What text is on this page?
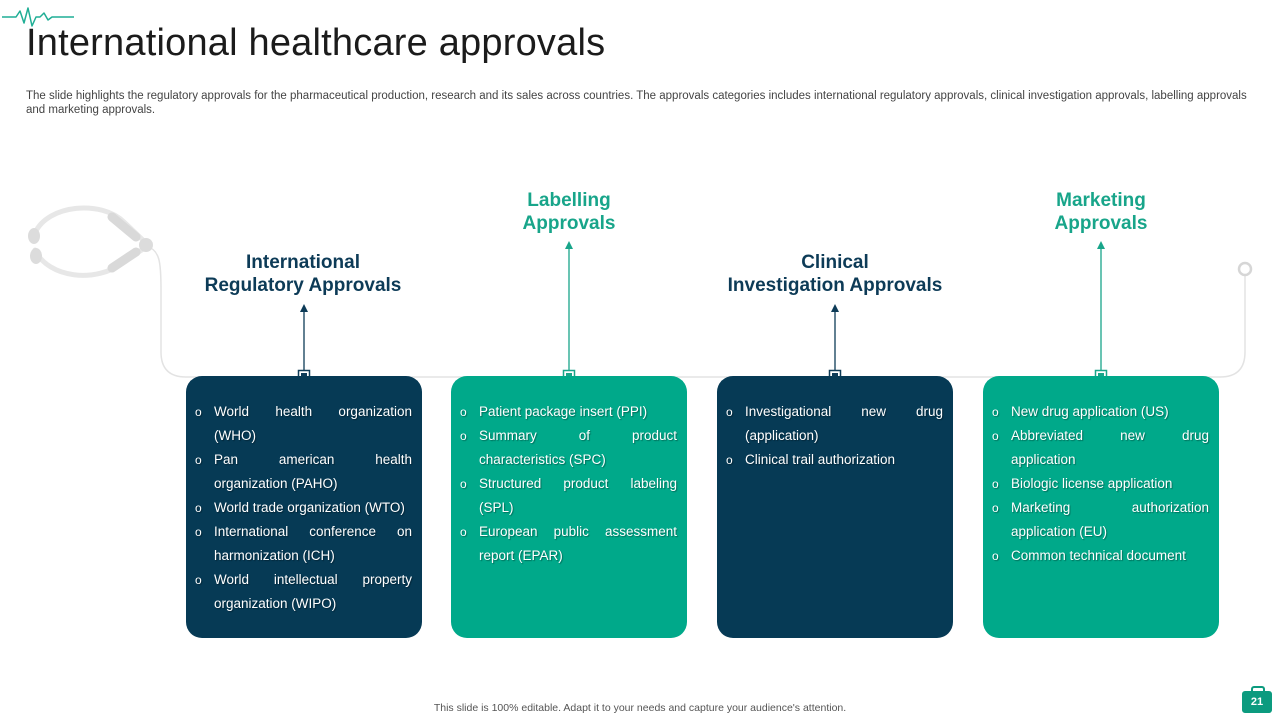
International healthcare approvals

The slide highlights the regulatory approvals for the pharmaceutical production, research and its sales across countries. The approvals categories includes international regulatory approvals, clinical investigation approvals, labelling approvals and marketing approvals.

International
Regulatory Approvals
Labelling
Approvals
Clinical
Investigation Approvals
Marketing
Approvals
o World health organization (WHO)
o Pan american health organization (PAHO)
o World trade organization (WTO)
o International conference on harmonization (ICH)
o World intellectual property organization (WIPO)
o Patient package insert (PPI)
o Summary of product characteristics (SPC)
o Structured product labeling (SPL)
o European public assessment report (EPAR)
o Investigational new drug (application)
o Clinical trail authorization
o New drug application (US)
o Abbreviated new drug application
o Biologic license application
o Marketing authorization application (EU)
o Common technical document
This slide is 100% editable. Adapt it to your needs and capture your audience's attention.	21
